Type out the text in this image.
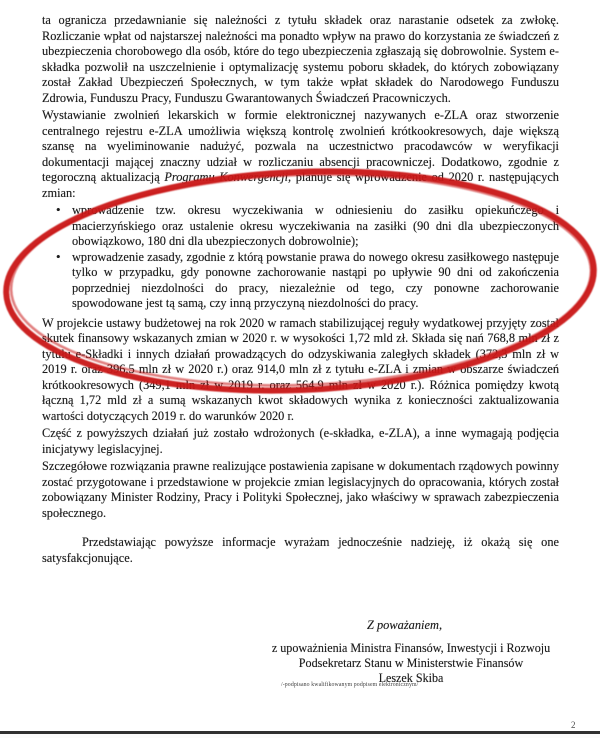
ta ogranicza przedawnianie się należności z tytułu składek oraz narastanie odsetek za zwłokę. Rozliczanie wpłat od najstarszej należności ma ponadto wpływ na prawo do korzystania ze świadczeń z ubezpieczenia chorobowego dla osób, które do tego ubezpieczenia zgłaszają się dobrowolnie. System e-składka pozwolił na uszczelnienie i optymalizację systemu poboru składek, do których zobowiązany został Zakład Ubezpieczeń Społecznych, w tym także wpłat składek do Narodowego Funduszu Zdrowia, Funduszu Pracy, Funduszu Gwarantowanych Świadczeń Pracowniczych.

Wystawianie zwolnień lekarskich w formie elektronicznej nazywanych e-ZLA oraz stworzenie centralnego rejestru e-ZLA umożliwia większą kontrolę zwolnień krótkookresowych, daje większą szansę na wyeliminowanie nadużyć, pozwala na uczestnictwo pracodawców w weryfikacji dokumentacji mającej znaczny udział w rozliczaniu absencji pracowniczej. Dodatkowo, zgodnie z tegoroczną aktualizacją Programu Konwergencji, planuje się wprowadzenie od 2020 r. następujących zmian:

• wprowadzenie tzw. okresu wyczekiwania w odniesieniu do zasiłku opiekuńczego i macierzyńskiego oraz ustalenie okresu wyczekiwania na zasiłki (90 dni dla ubezpieczonych obowiązkowo, 180 dni dla ubezpieczonych dobrowolnie);
• wprowadzenie zasady, zgodnie z którą powstanie prawa do nowego okresu zasiłkowego następuje tylko w przypadku, gdy ponowne zachorowanie nastąpi po upływie 90 dni od zakończenia poprzedniej niezdolności do pracy, niezależnie od tego, czy ponowne zachorowanie spowodowane jest tą samą, czy inną przyczyną niezdolności do pracy.

W projekcie ustawy budżetowej na rok 2020 w ramach stabilizującej reguły wydatkowej przyjęty został skutek finansowy wskazanych zmian w 2020 r. w wysokości 1,72 mld zł. Składa się nań 768,8 mln zł z tytułu e-Składki i innych działań prowadzących do odzyskiwania zaległych składek (372,3 mln zł w 2019 r. oraz 396,5 mln zł w 2020 r.) oraz 914,0 mln zł z tytułu e-ZLA i zmian w obszarze świadczeń krótkookresowych (349,1 mln zł w 2019 r. oraz 564,9 mln zł w 2020 r.). Różnica pomiędzy kwotą łączną 1,72 mld zł a sumą wskazanych kwot składowych wynika z konieczności zaktualizowania wartości dotyczących 2019 r. do warunków 2020 r.

Część z powyższych działań już zostało wdrożonych (e-składka, e-ZLA), a inne wymagają podjęcia inicjatywy legislacyjnej.

Szczegółowe rozwiązania prawne realizujące postawienia zapisane w dokumentach rządowych powinny zostać przygotowane i przedstawione w projekcie zmian legislacyjnych do opracowania, których został zobowiązany Minister Rodziny, Pracy i Polityki Społecznej, jako właściwy w sprawach zabezpieczenia społecznego.

Przedstawiając powyższe informacje wyrażam jednocześnie nadzieję, iż okażą się one satysfakcjonujące.

Z poważaniem,
z upoważnienia Ministra Finansów, Inwestycji i Rozwoju
Podsekretarz Stanu w Ministerstwie Finansów
Leszek Skiba
/-podpisano kwalifikowanym podpisem elektronicznym/
2
